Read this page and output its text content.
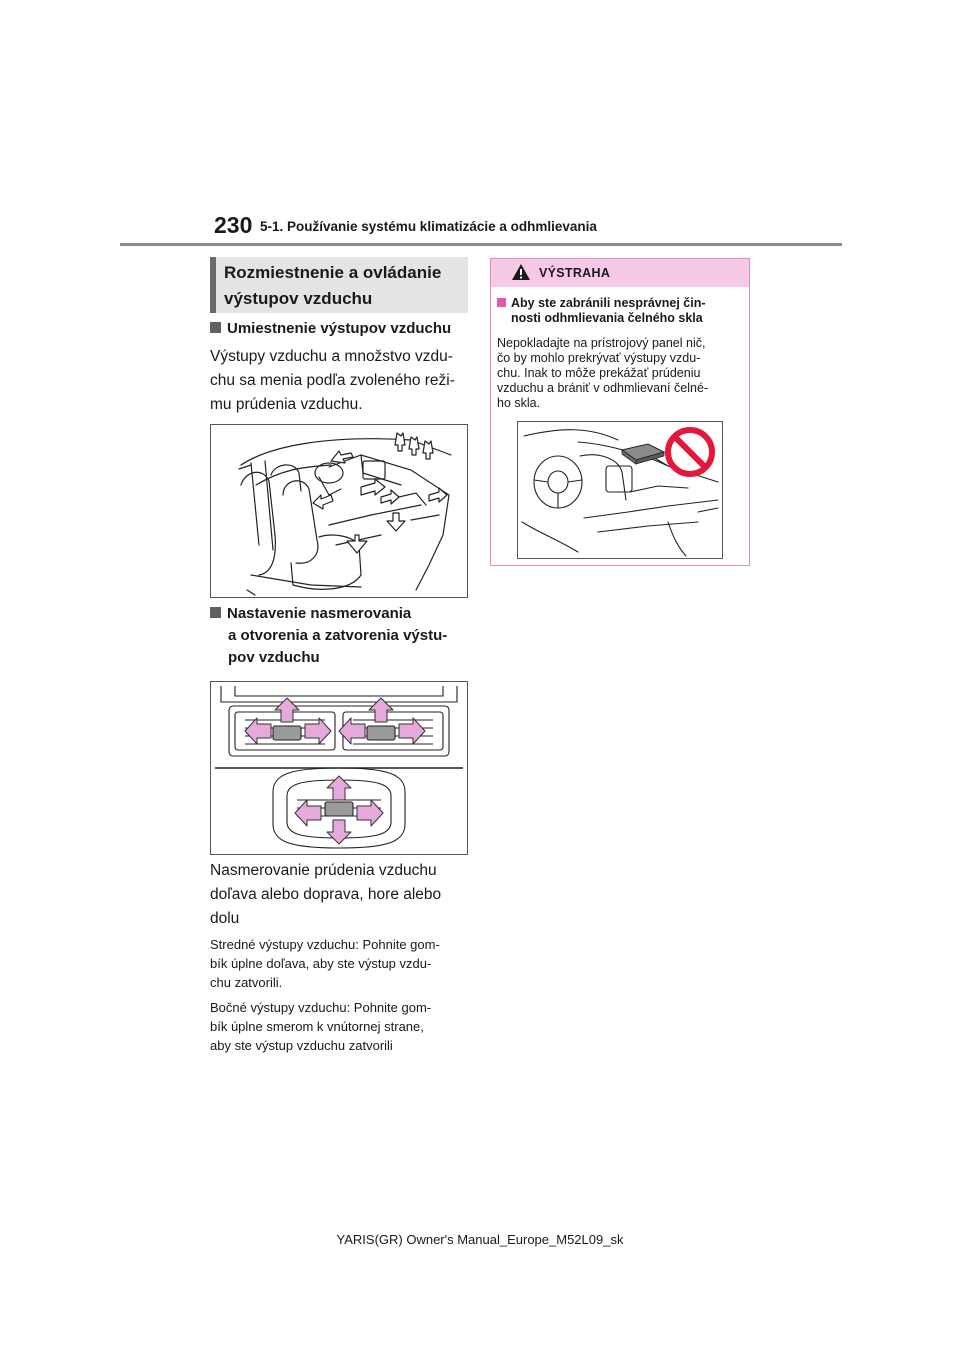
230 5-1. Používanie systému klimatizácie a odhmlievania
Rozmiestnenie a ovládanie
výstupov vzduchu
Umiestnenie výstupov vzduchu
Výstupy vzduchu a množstvo vzdu-
chu sa menia podľa zvoleného reži-
mu prúdenia vzduchu.
Nastavenie nasmerovania
a otvorenia a zatvorenia výstu-
pov vzduchu
Nasmerovanie prúdenia vzduchu
doľava alebo doprava, hore alebo
dolu
Stredné výstupy vzduchu: Pohnite gom-
bík úplne doľava, aby ste výstup vzdu-
chu zatvorili.
Bočné výstupy vzduchu: Pohnite gom-
bík úplne smerom k vnútornej strane,
aby ste výstup vzduchu zatvorili
VÝSTRAHA
Aby ste zabránili nesprávnej čin-
nosti odhmlievania čelného skla
Nepokladajte na prístrojový panel nič,
čo by mohlo prekrývať výstupy vzdu-
chu. Inak to môže prekážať prúdeniu
vzduchu a brániť v odhmlievaní čelné-
ho skla.
YARIS(GR) Owner's Manual_Europe_M52L09_sk
